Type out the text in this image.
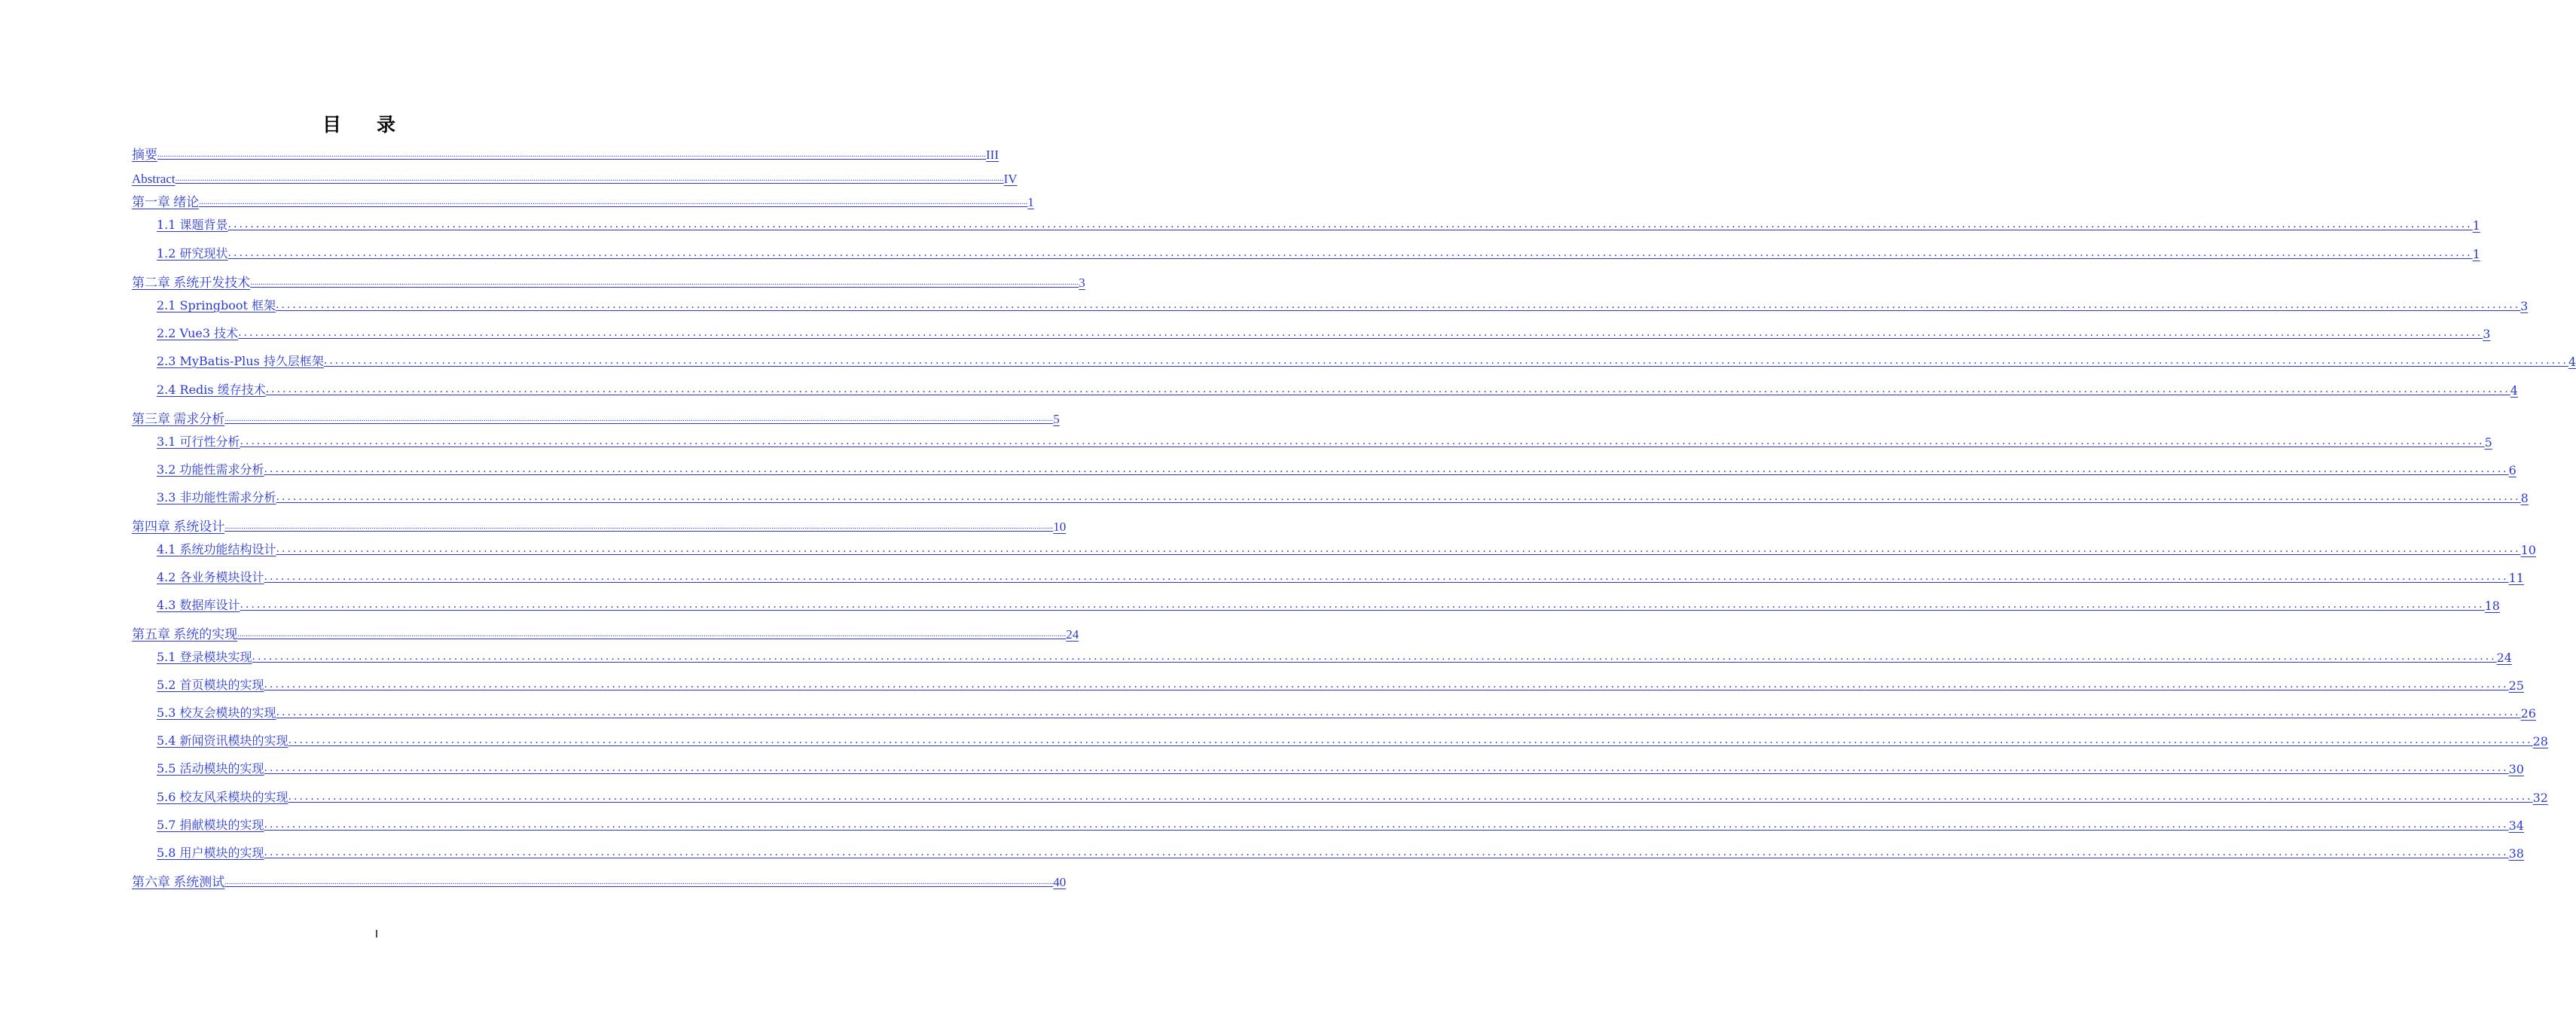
目录
摘要 ................................................................................................................................................................................................................................................................................................................................................................................................................ III
Abstract ................................................................................................................................................................................................................................................................................................................................................................................................................ IV
第一章 绪论 ................................................................................................................................................................................................................................................................................................................................................................................................................ 1
1.1 课题背景 ................................................................................................................................................................................................................................................................................................................................................................................................................ 1
1.2 研究现状 ................................................................................................................................................................................................................................................................................................................................................................................................................ 1
第二章 系统开发技术 ................................................................................................................................................................................................................................................................................................................................................................................................................ 3
2.1 Springboot 框架 ................................................................................................................................................................................................................................................................................................................................................................................................................ 3
2.2 Vue3 技术 ................................................................................................................................................................................................................................................................................................................................................................................................................ 3
2.3 MyBatis-Plus 持久层框架 ................................................................................................................................................................................................................................................................................................................................................................................................................ 4
2.4 Redis 缓存技术 ................................................................................................................................................................................................................................................................................................................................................................................................................ 4
第三章 需求分析 ................................................................................................................................................................................................................................................................................................................................................................................................................ 5
3.1 可行性分析 ................................................................................................................................................................................................................................................................................................................................................................................................................ 5
3.2 功能性需求分析 ................................................................................................................................................................................................................................................................................................................................................................................................................ 6
3.3 非功能性需求分析 ................................................................................................................................................................................................................................................................................................................................................................................................................ 8
第四章 系统设计 ................................................................................................................................................................................................................................................................................................................................................................................................................ 10
4.1 系统功能结构设计 ................................................................................................................................................................................................................................................................................................................................................................................................................ 10
4.2 各业务模块设计 ................................................................................................................................................................................................................................................................................................................................................................................................................ 11
4.3 数据库设计 ................................................................................................................................................................................................................................................................................................................................................................................................................ 18
第五章 系统的实现 ................................................................................................................................................................................................................................................................................................................................................................................................................ 24
5.1 登录模块实现 ................................................................................................................................................................................................................................................................................................................................................................................................................ 24
5.2 首页模块的实现 ................................................................................................................................................................................................................................................................................................................................................................................................................ 25
5.3 校友会模块的实现 ................................................................................................................................................................................................................................................................................................................................................................................................................ 26
5.4 新闻资讯模块的实现 ................................................................................................................................................................................................................................................................................................................................................................................................................ 28
5.5 活动模块的实现 ................................................................................................................................................................................................................................................................................................................................................................................................................ 30
5.6 校友风采模块的实现 ................................................................................................................................................................................................................................................................................................................................................................................................................ 32
5.7 捐献模块的实现 ................................................................................................................................................................................................................................................................................................................................................................................................................ 34
5.8 用户模块的实现 ................................................................................................................................................................................................................................................................................................................................................................................................................ 38
第六章 系统测试 ................................................................................................................................................................................................................................................................................................................................................................................................................ 40
I
